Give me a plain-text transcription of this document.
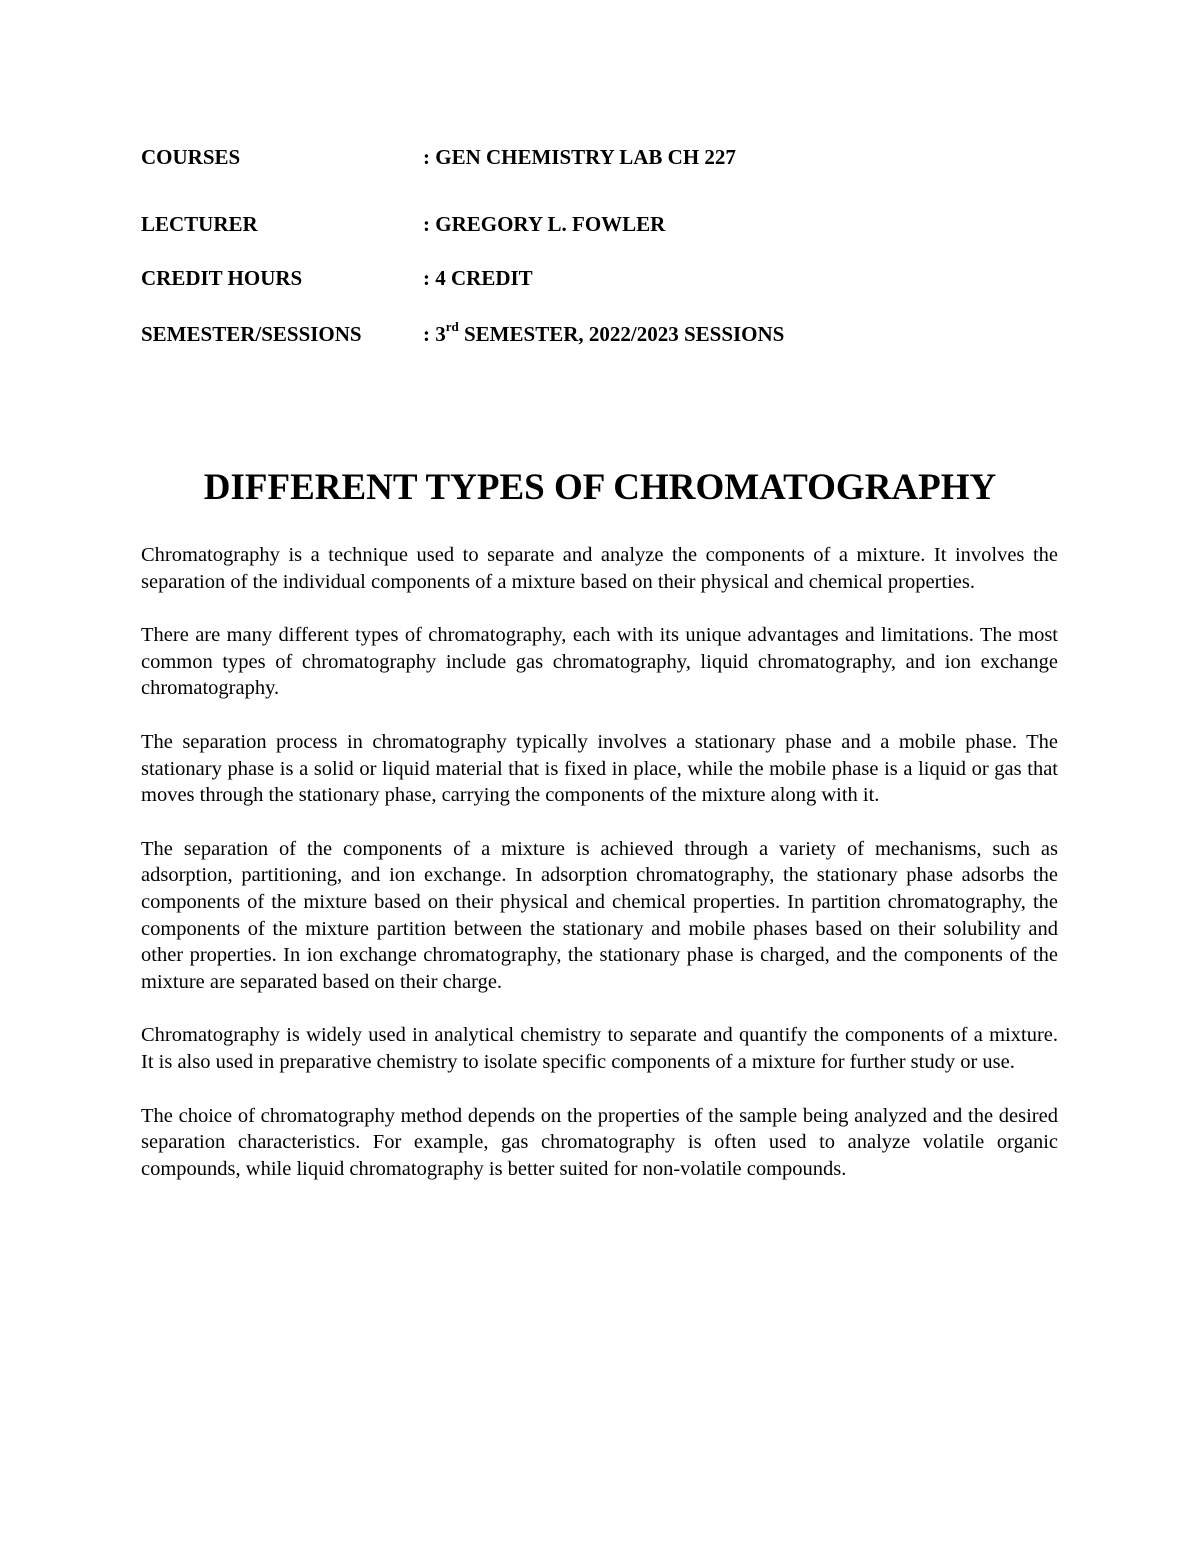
COURSES	: GEN CHEMISTRY LAB CH 227
LECTURER	: GREGORY L. FOWLER
CREDIT HOURS	: 4 CREDIT
SEMESTER/SESSIONS	: 3rd SEMESTER, 2022/2023 SESSIONS
DIFFERENT TYPES OF CHROMATOGRAPHY

Chromatography is a technique used to separate and analyze the components of a mixture. It involves the separation of the individual components of a mixture based on their physical and chemical properties.

There are many different types of chromatography, each with its unique advantages and limitations. The most common types of chromatography include gas chromatography, liquid chromatography, and ion exchange chromatography.

The separation process in chromatography typically involves a stationary phase and a mobile phase. The stationary phase is a solid or liquid material that is fixed in place, while the mobile phase is a liquid or gas that moves through the stationary phase, carrying the components of the mixture along with it.

The separation of the components of a mixture is achieved through a variety of mechanisms, such as adsorption, partitioning, and ion exchange. In adsorption chromatography, the stationary phase adsorbs the components of the mixture based on their physical and chemical properties. In partition chromatography, the components of the mixture partition between the stationary and mobile phases based on their solubility and other properties. In ion exchange chromatography, the stationary phase is charged, and the components of the mixture are separated based on their charge.

Chromatography is widely used in analytical chemistry to separate and quantify the components of a mixture. It is also used in preparative chemistry to isolate specific components of a mixture for further study or use.

The choice of chromatography method depends on the properties of the sample being analyzed and the desired separation characteristics. For example, gas chromatography is often used to analyze volatile organic compounds, while liquid chromatography is better suited for non-volatile compounds.
